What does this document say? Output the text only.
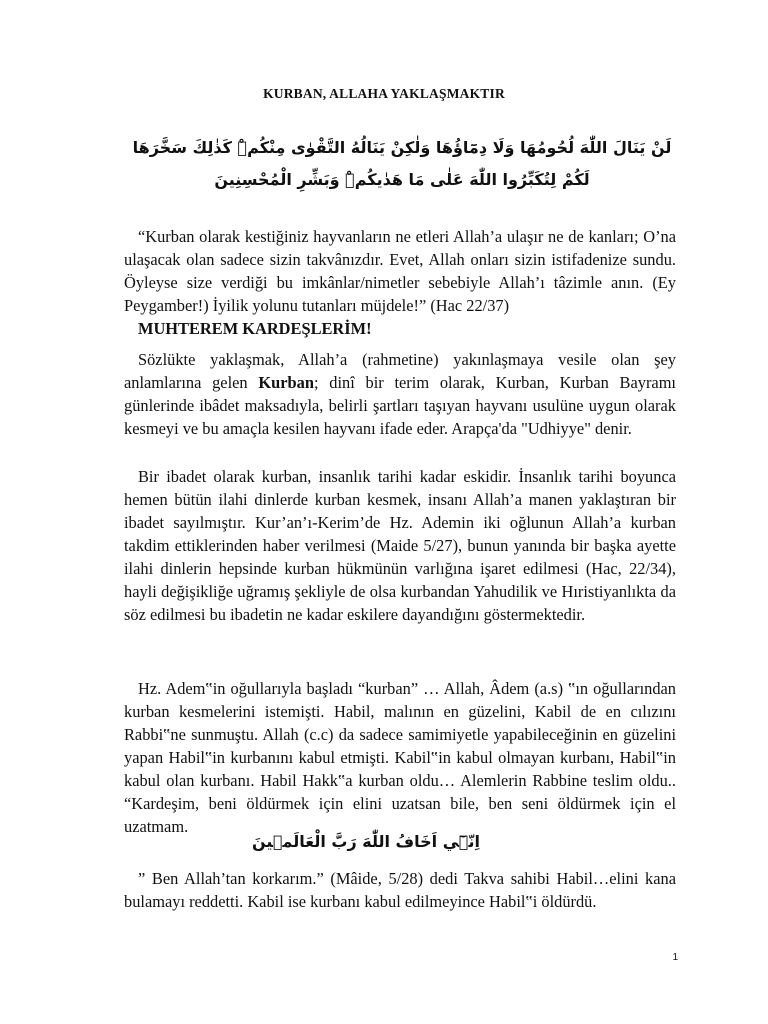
KURBAN, ALLAHA YAKLAŞMAKTIR
لَنْ يَنَالَ اللّٰهَ لُحُومُهَا وَلَا دِمَٓاؤُهَا وَلٰكِنْ يَنَالُهُ التَّقْوٰى مِنْكُمْۜ كَذٰلِكَ سَخَّرَهَا لَكُمْ لِتُكَبِّرُوا اللّٰهَ عَلٰى مَا هَدٰيكُمْۜ وَبَشِّرِ الْمُحْسِنِينَ

“Kurban olarak kestiğiniz hayvanların ne etleri Allah’a ulaşır ne de kanları; O’na ulaşacak olan sadece sizin takvânızdır. Evet, Allah onları sizin istifadenize sundu. Öyleyse size verdiği bu imkânlar/nimetler sebebiyle Allah’ı tâzimle anın. (Ey Peygamber!) İyilik yolunu tutanları müjdele!” (Hac 22/37)

MUHTEREM KARDEŞLERİM!

Sözlükte yaklaşmak, Allah’a (rahmetine) yakınlaşmaya vesile olan şey anlamlarına gelen Kurban; dinî bir terim olarak, Kurban, Kurban Bayramı günlerinde ibâdet maksadıyla, belirli şartları taşıyan hayvanı usulüne uygun olarak kesmeyi ve bu amaçla kesilen hayvanı ifade eder. Arapça'da "Udhiyye" denir.

Bir ibadet olarak kurban, insanlık tarihi kadar eskidir. İnsanlık tarihi boyunca hemen bütün ilahi dinlerde kurban kesmek, insanı Allah’a manen yaklaştıran bir ibadet sayılmıştır. Kur’an’ı-Kerim’de Hz. Ademin iki oğlunun Allah’a kurban takdim ettiklerinden haber verilmesi (Maide 5/27), bunun yanında bir başka ayette ilahi dinlerin hepsinde kurban hükmünün varlığına işaret edilmesi (Hac, 22/34), hayli değişikliğe uğramış şekliyle de olsa kurbandan Yahudilik ve Hıristiyanlıkta da söz edilmesi bu ibadetin ne kadar eskilere dayandığını göstermektedir.

Hz. Adem‟in oğullarıyla başladı “kurban” … Allah, Âdem (a.s) ‟ın oğullarından kurban kesmelerini istemişti. Habil, malının en güzelini, Kabil de en cılızını Rabbi‟ne sunmuştu. Allah (c.c) da sadece samimiyetle yapabileceğinin en güzelini yapan Habil‟in kurbanını kabul etmişti. Kabil‟in kabul olmayan kurbanı, Habil‟in kabul olan kurbanı. Habil Hakk‟a kurban oldu… Alemlerin Rabbine teslim oldu.. “Kardeşim, beni öldürmek için elini uzatsan bile, ben seni öldürmek için el uzatmam.

اِنّ۪ٓي اَخَافُ اللّٰهَ رَبَّ الْعَالَم۪ينَ

” Ben Allah’tan korkarım.” (Mâide, 5/28) dedi Takva sahibi Habil…elini kana bulamayı reddetti. Kabil ise kurbanı kabul edilmeyince Habil‟i öldürdü.

1
